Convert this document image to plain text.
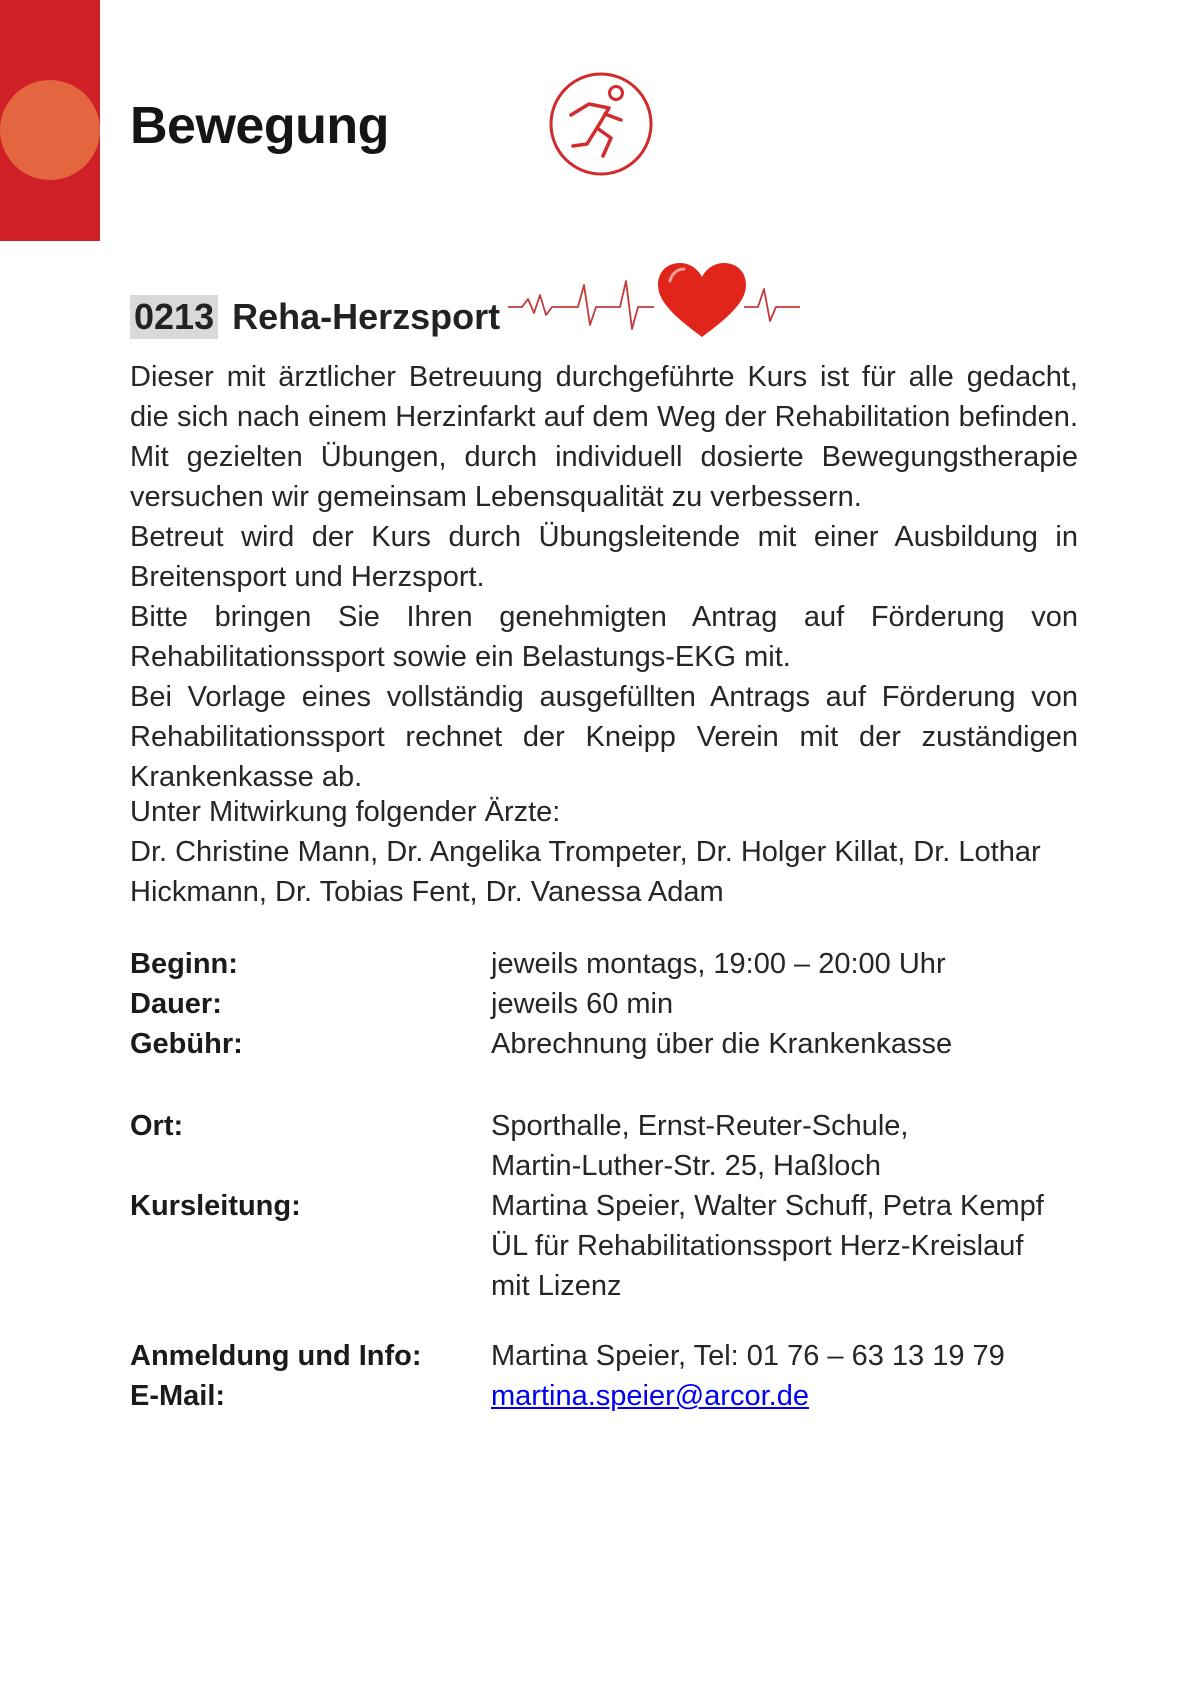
Bewegung
0213 Reha-Herzsport

Dieser mit ärztlicher Betreuung durchgeführte Kurs ist für alle gedacht, die sich nach einem Herzinfarkt auf dem Weg der Rehabilitation befinden. Mit gezielten Übungen, durch individuell dosierte Bewegungstherapie versuchen wir gemeinsam Lebensqualität zu verbessern.

Betreut wird der Kurs durch Übungsleitende mit einer Ausbildung in Breitensport und Herzsport.

Bitte bringen Sie Ihren genehmigten Antrag auf Förderung von Rehabilitationssport sowie ein Belastungs-EKG mit.

Bei Vorlage eines vollständig ausgefüllten Antrags auf Förderung von Rehabilitationssport rechnet der Kneipp Verein mit der zuständigen Krankenkasse ab.

Unter Mitwirkung folgender Ärzte:
Dr. Christine Mann, Dr. Angelika Trompeter, Dr. Holger Killat, Dr. Lothar Hickmann, Dr. Tobias Fent, Dr. Vanessa Adam
Beginn:	jeweils montags, 19:00 – 20:00 Uhr
Dauer:	jeweils 60 min
Gebühr:	Abrechnung über die Krankenkasse
Ort:	Sporthalle, Ernst-Reuter-Schule,
Martin-Luther-Str. 25, Haßloch
Kursleitung:	Martina Speier, Walter Schuff, Petra Kempf
ÜL für Rehabilitationssport Herz-Kreislauf
mit Lizenz
Anmeldung und Info:	Martina Speier, Tel: 01 76 – 63 13 19 79
E-Mail:	martina.speier@arcor.de
